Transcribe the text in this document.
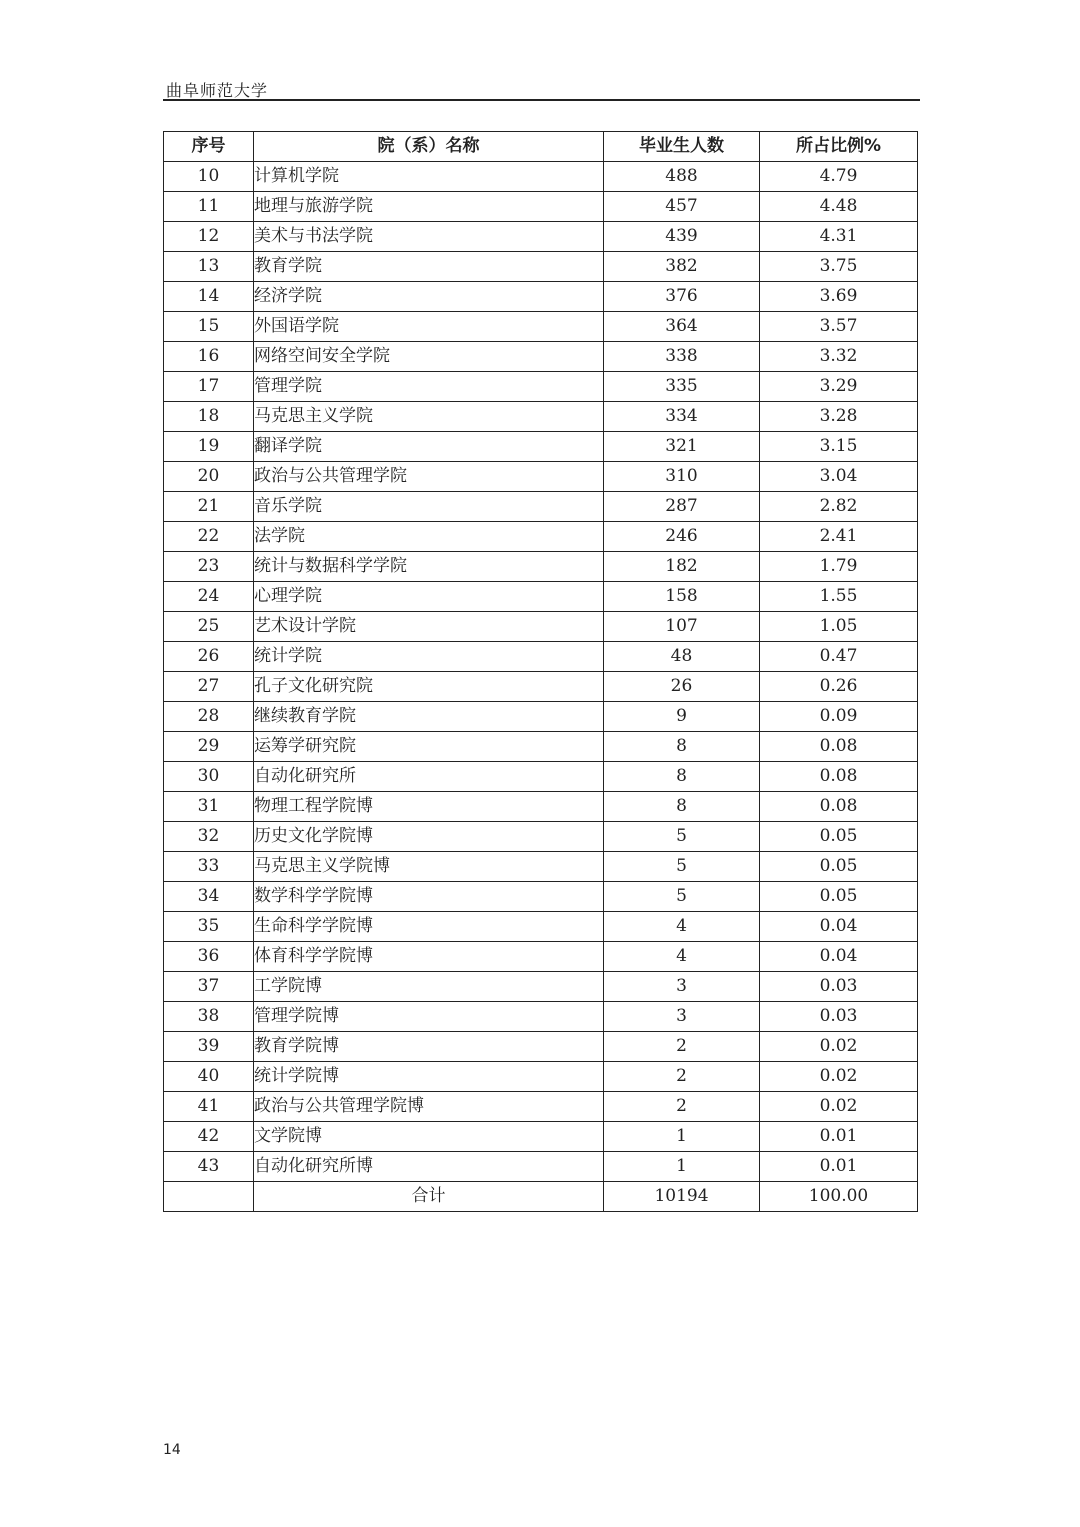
曲阜师范大学
序号	院（系）名称	毕业生人数	所占比例%
10	计算机学院	488	4.79
11	地理与旅游学院	457	4.48
12	美术与书法学院	439	4.31
13	教育学院	382	3.75
14	经济学院	376	3.69
15	外国语学院	364	3.57
16	网络空间安全学院	338	3.32
17	管理学院	335	3.29
18	马克思主义学院	334	3.28
19	翻译学院	321	3.15
20	政治与公共管理学院	310	3.04
21	音乐学院	287	2.82
22	法学院	246	2.41
23	统计与数据科学学院	182	1.79
24	心理学院	158	1.55
25	艺术设计学院	107	1.05
26	统计学院	48	0.47
27	孔子文化研究院	26	0.26
28	继续教育学院	9	0.09
29	运筹学研究院	8	0.08
30	自动化研究所	8	0.08
31	物理工程学院博	8	0.08
32	历史文化学院博	5	0.05
33	马克思主义学院博	5	0.05
34	数学科学学院博	5	0.05
35	生命科学学院博	4	0.04
36	体育科学学院博	4	0.04
37	工学院博	3	0.03
38	管理学院博	3	0.03
39	教育学院博	2	0.02
40	统计学院博	2	0.02
41	政治与公共管理学院博	2	0.02
42	文学院博	1	0.01
43	自动化研究所博	1	0.01
	合计	10194	100.00
14
